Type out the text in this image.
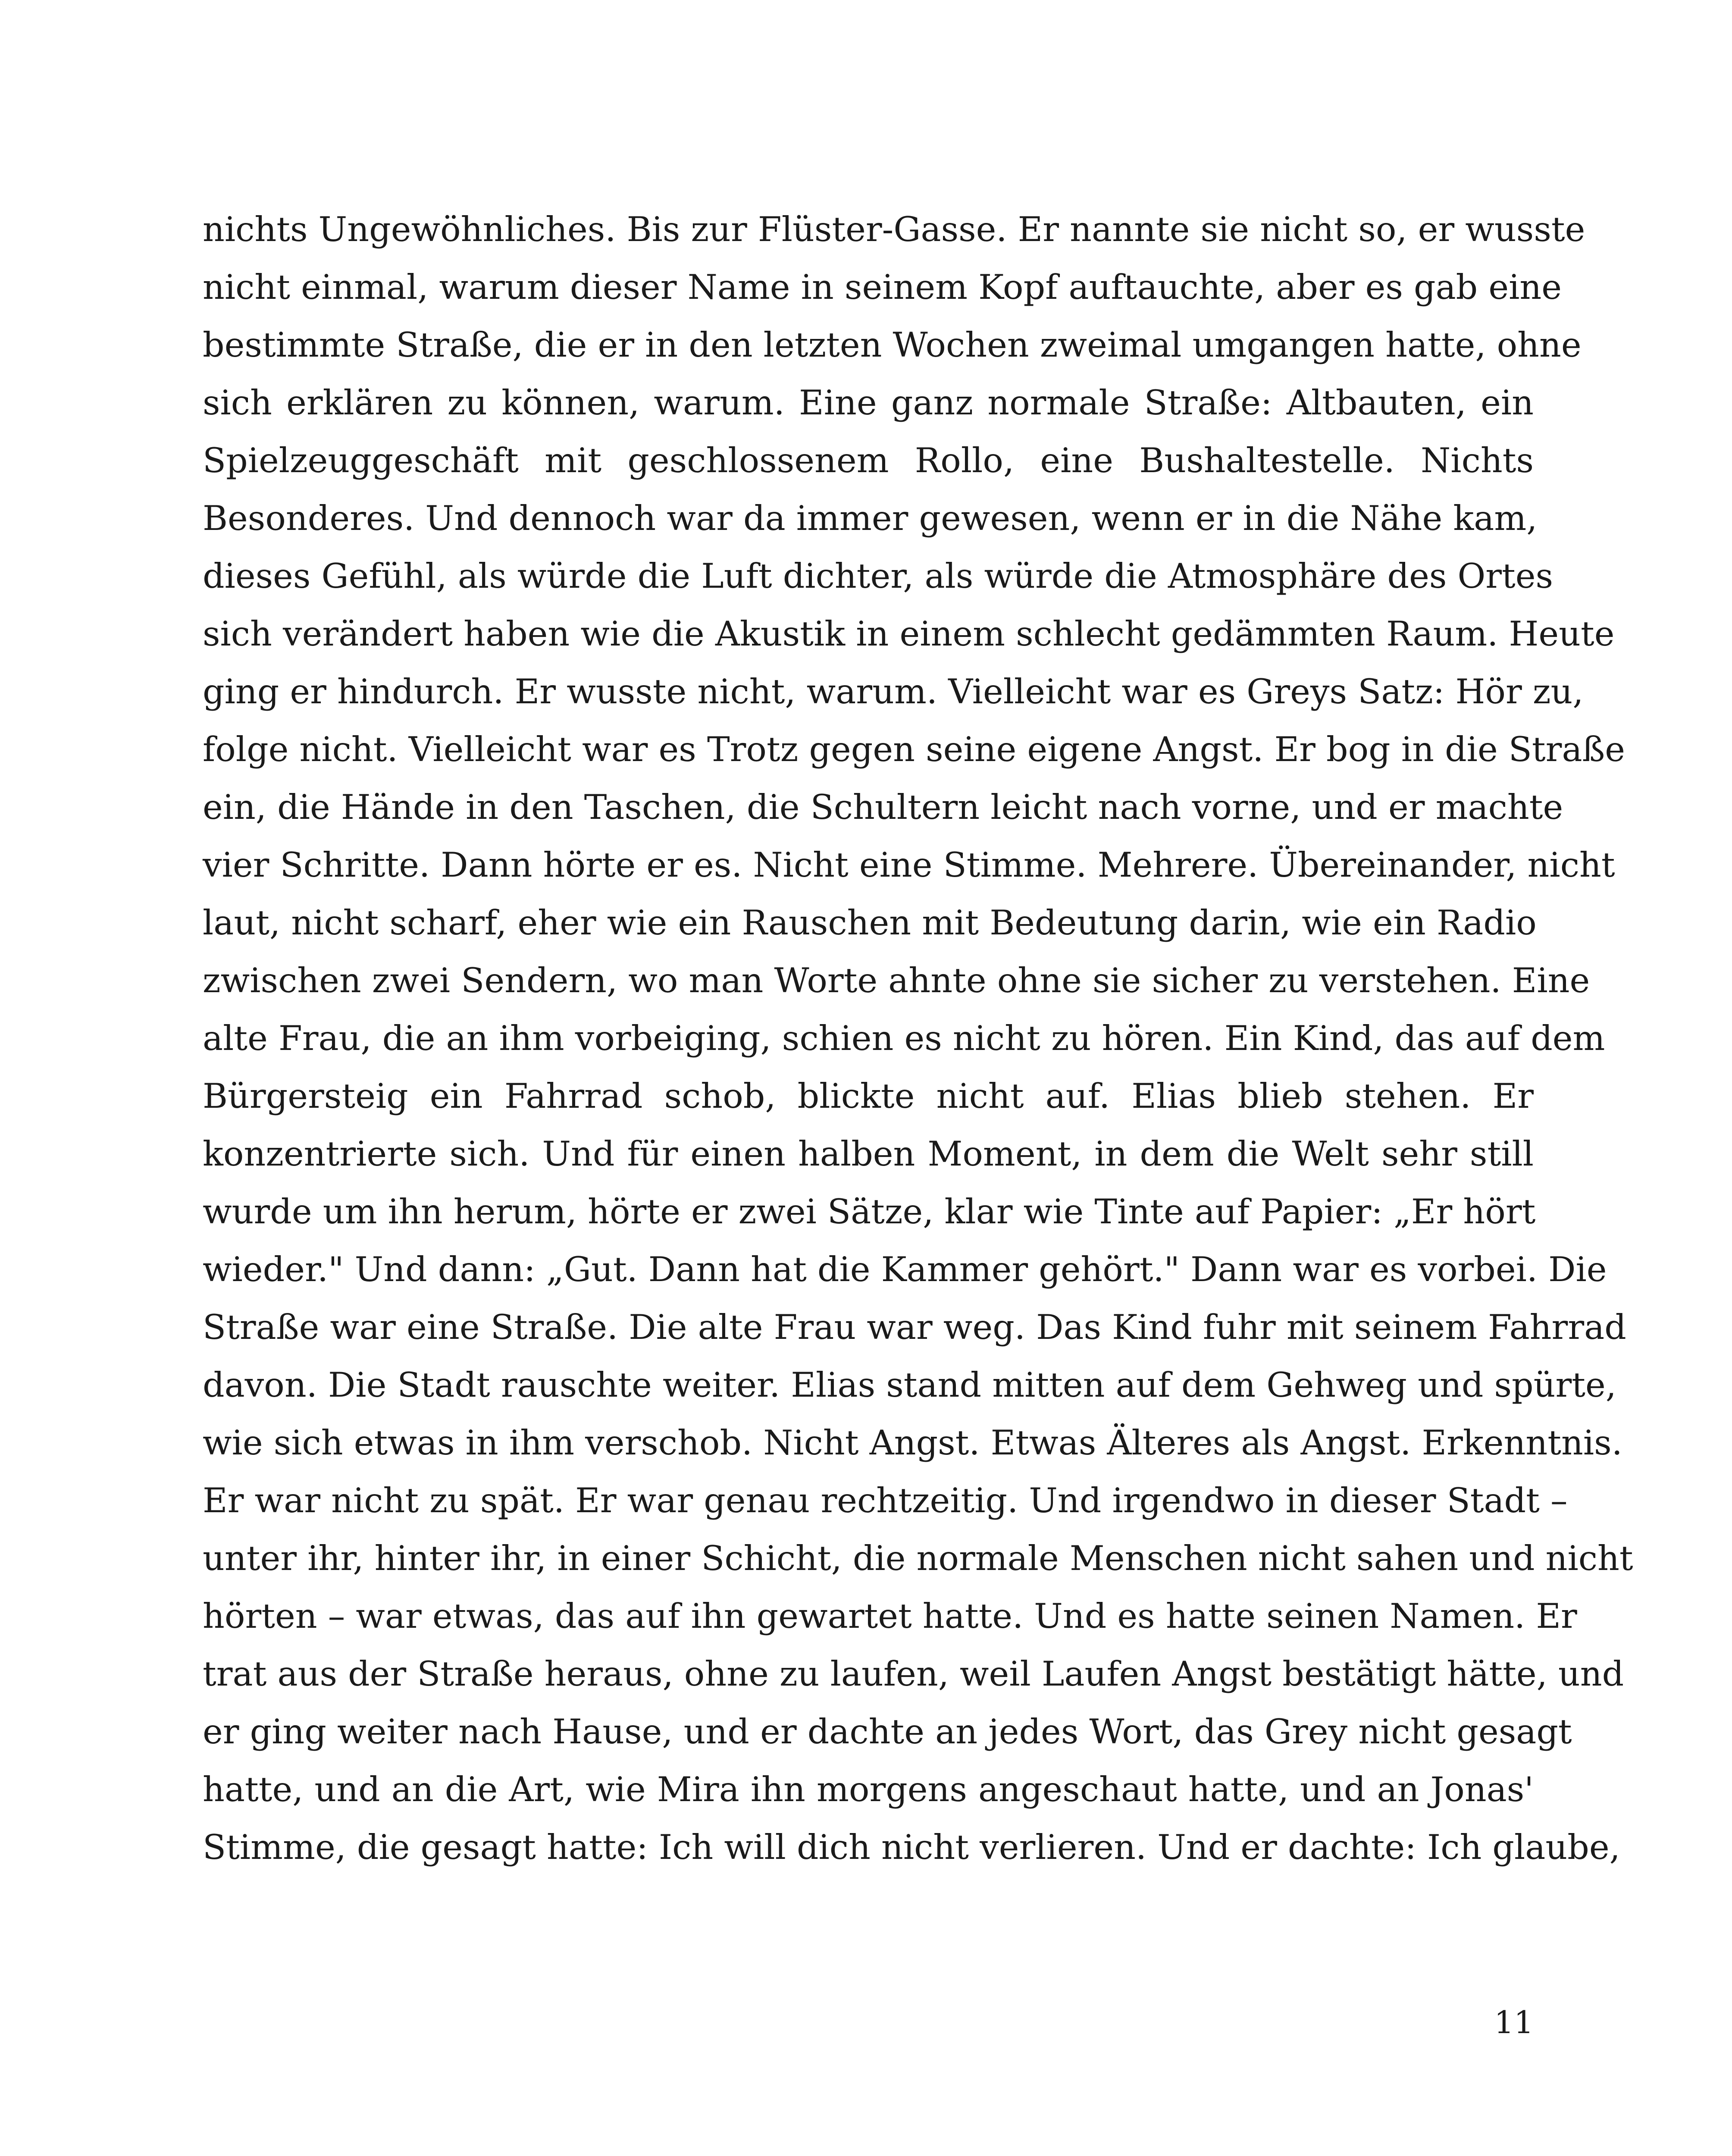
nichts Ungewöhnliches. Bis zur Flüster-Gasse. Er nannte sie nicht so, er wusste
nicht einmal, warum dieser Name in seinem Kopf auftauchte, aber es gab eine
bestimmte Straße, die er in den letzten Wochen zweimal umgangen hatte, ohne
sich erklären zu können, warum. Eine ganz normale Straße: Altbauten, ein
Spielzeuggeschäft mit geschlossenem Rollo, eine Bushaltestelle. Nichts
Besonderes. Und dennoch war da immer gewesen, wenn er in die Nähe kam,
dieses Gefühl, als würde die Luft dichter, als würde die Atmosphäre des Ortes
sich verändert haben wie die Akustik in einem schlecht gedämmten Raum. Heute
ging er hindurch. Er wusste nicht, warum. Vielleicht war es Greys Satz: Hör zu,
folge nicht. Vielleicht war es Trotz gegen seine eigene Angst. Er bog in die Straße
ein, die Hände in den Taschen, die Schultern leicht nach vorne, und er machte
vier Schritte. Dann hörte er es. Nicht eine Stimme. Mehrere. Übereinander, nicht
laut, nicht scharf, eher wie ein Rauschen mit Bedeutung darin, wie ein Radio
zwischen zwei Sendern, wo man Worte ahnte ohne sie sicher zu verstehen. Eine
alte Frau, die an ihm vorbeiging, schien es nicht zu hören. Ein Kind, das auf dem
Bürgersteig ein Fahrrad schob, blickte nicht auf. Elias blieb stehen. Er
konzentrierte sich. Und für einen halben Moment, in dem die Welt sehr still
wurde um ihn herum, hörte er zwei Sätze, klar wie Tinte auf Papier: „Er hört
wieder." Und dann: „Gut. Dann hat die Kammer gehört." Dann war es vorbei. Die
Straße war eine Straße. Die alte Frau war weg. Das Kind fuhr mit seinem Fahrrad
davon. Die Stadt rauschte weiter. Elias stand mitten auf dem Gehweg und spürte,
wie sich etwas in ihm verschob. Nicht Angst. Etwas Älteres als Angst. Erkenntnis.
Er war nicht zu spät. Er war genau rechtzeitig. Und irgendwo in dieser Stadt –
unter ihr, hinter ihr, in einer Schicht, die normale Menschen nicht sahen und nicht
hörten – war etwas, das auf ihn gewartet hatte. Und es hatte seinen Namen. Er
trat aus der Straße heraus, ohne zu laufen, weil Laufen Angst bestätigt hätte, und
er ging weiter nach Hause, und er dachte an jedes Wort, das Grey nicht gesagt
hatte, und an die Art, wie Mira ihn morgens angeschaut hatte, und an Jonas'
Stimme, die gesagt hatte: Ich will dich nicht verlieren. Und er dachte: Ich glaube,
11
